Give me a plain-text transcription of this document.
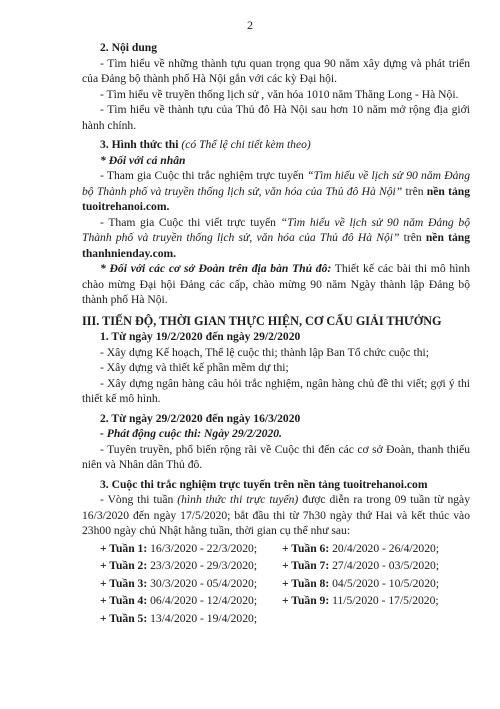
2

2. Nội dung

- Tìm hiểu về những thành tựu quan trọng qua 90 năm xây dựng và phát triển của Đảng bộ thành phố Hà Nội gắn với các kỳ Đại hội.

- Tìm hiểu về truyền thống lịch sử , văn hóa 1010 năm Thăng Long - Hà Nội.

- Tìm hiểu về thành tựu của Thủ đô Hà Nội sau hơn 10 năm mở rộng địa giới hành chính.

3. Hình thức thi (có Thể lệ chi tiết kèm theo)

* Đối với cá nhân

- Tham gia Cuộc thi trắc nghiệm trực tuyến “Tìm hiểu về lịch sử 90 năm Đảng bộ Thành phố và truyền thống lịch sử, văn hóa của Thủ đô Hà Nội” trên nền tảng tuoitrehanoi.com.

- Tham gia Cuộc thi viết trực tuyến “Tìm hiểu về lịch sử 90 năm Đảng bộ Thành phố và truyền thống lịch sử, văn hóa của Thủ đô Hà Nội” trên nền tảng thanhnienday.com.

* Đối với các cơ sở Đoàn trên địa bàn Thủ đô: Thiết kế các bài thi mô hình chào mừng Đại hội Đảng các cấp, chào mừng 90 năm Ngày thành lập Đảng bộ thành phố Hà Nội.

III. TIẾN ĐỘ, THỜI GIAN THỰC HIỆN, CƠ CẤU GIẢI THƯỞNG

1. Từ ngày 19/2/2020 đến ngày 29/2/2020

- Xây dựng Kế hoạch, Thể lệ cuộc thi; thành lập Ban Tổ chức cuộc thi;

- Xây dựng và thiết kế phần mềm dự thi;

- Xây dựng ngân hàng câu hỏi trắc nghiệm, ngân hàng chủ đề thi viết; gợi ý thi thiết kế mô hình.

2. Từ ngày 29/2/2020 đến ngày 16/3/2020

- Phát động cuộc thi: Ngày 29/2/2020.

- Tuyên truyền, phổ biến rộng rãi về Cuộc thi đến các cơ sở Đoàn, thanh thiếu niên và Nhân dân Thủ đô.

3. Cuộc thi trắc nghiệm trực tuyến trên nền tảng tuoitrehanoi.com

- Vòng thi tuần (hình thức thi trực tuyến) được diễn ra trong 09 tuần từ ngày 16/3/2020 đến ngày 17/5/2020; bắt đầu thi từ 7h30 ngày thứ Hai và kết thúc vào 23h00 ngày chủ Nhật hằng tuần, thời gian cụ thể như sau:

+ Tuần 1: 16/3/2020 - 22/3/2020;	+ Tuần 6: 20/4/2020 - 26/4/2020;
+ Tuần 2: 23/3/2020 - 29/3/2020;	+ Tuần 7: 27/4/2020 - 03/5/2020;
+ Tuần 3: 30/3/2020 - 05/4/2020;	+ Tuần 8: 04/5/2020 - 10/5/2020;
+ Tuần 4: 06/4/2020 - 12/4/2020;	+ Tuần 9: 11/5/2020 - 17/5/2020;
+ Tuần 5: 13/4/2020 - 19/4/2020;
